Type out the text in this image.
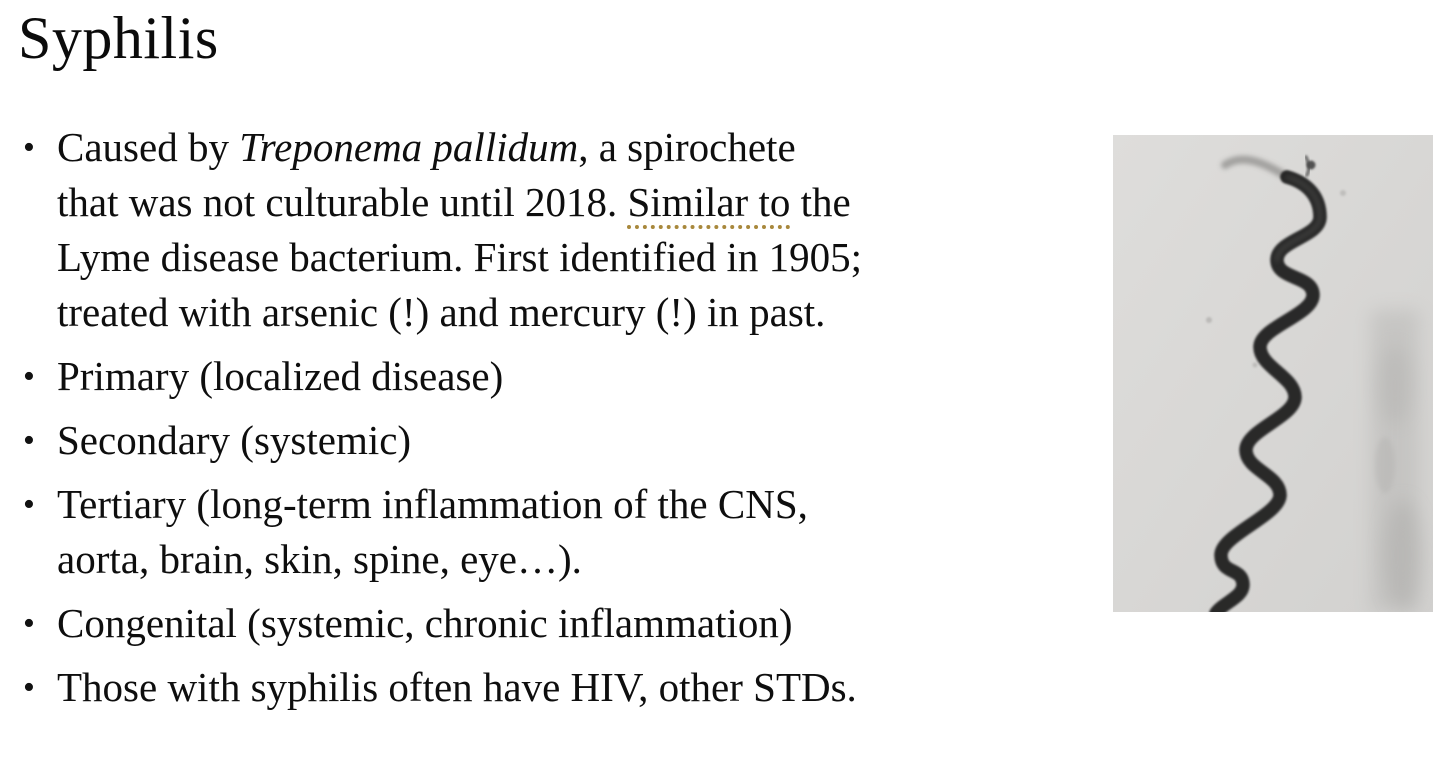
Syphilis
• Caused by Treponema pallidum, a spirochete
that was not culturable until 2018. Similar to the
Lyme disease bacterium. First identified in 1905;
treated with arsenic (!) and mercury (!) in past.
• Primary (localized disease)
• Secondary (systemic)
• Tertiary (long-term inflammation of the CNS,
aorta, brain, skin, spine, eye…).
• Congenital (systemic, chronic inflammation)
• Those with syphilis often have HIV, other STDs.
